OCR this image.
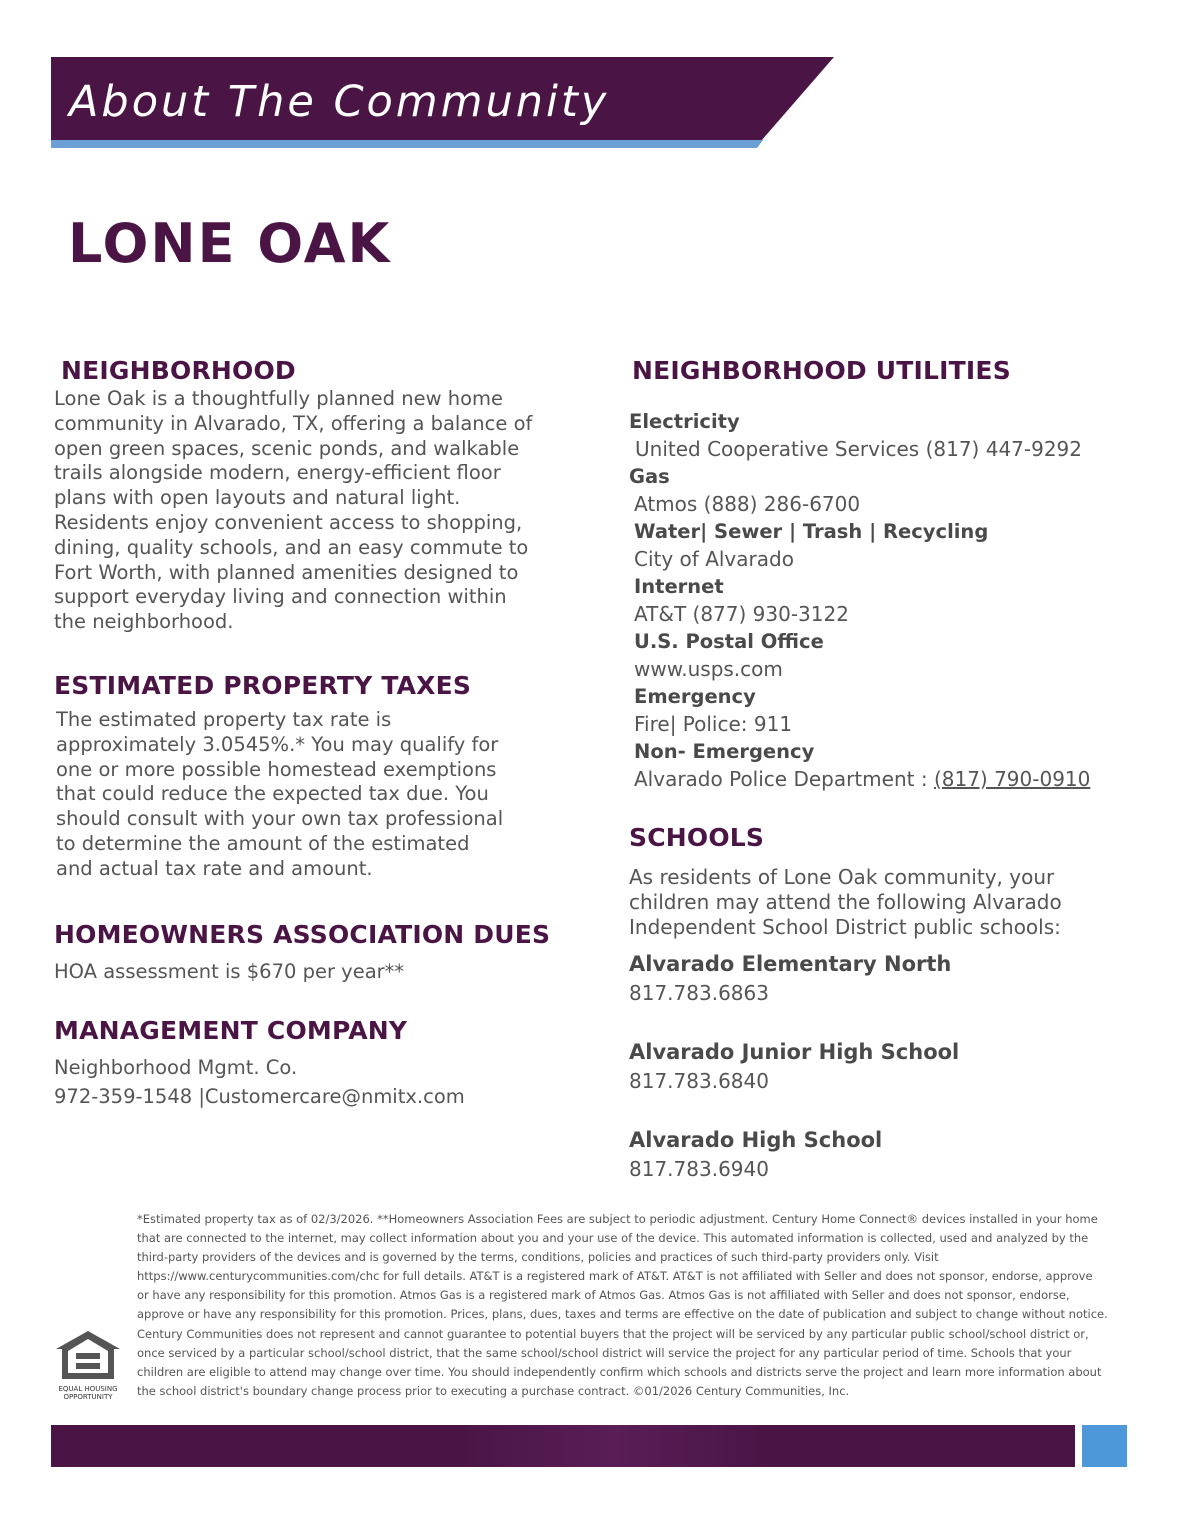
About The Community
LONE OAK
NEIGHBORHOOD
Lone Oak is a thoughtfully planned new home
community in Alvarado, TX, offering a balance of
open green spaces, scenic ponds, and walkable
trails alongside modern, energy-efficient floor
plans with open layouts and natural light.
Residents enjoy convenient access to shopping,
dining, quality schools, and an easy commute to
Fort Worth, with planned amenities designed to
support everyday living and connection within
the neighborhood.
ESTIMATED PROPERTY TAXES
The estimated property tax rate is
approximately 3.0545%.* You may qualify for
one or more possible homestead exemptions
that could reduce the expected tax due. You
should consult with your own tax professional
to determine the amount of the estimated
and actual tax rate and amount.
HOMEOWNERS ASSOCIATION DUES
HOA assessment is $670 per year**
MANAGEMENT COMPANY
Neighborhood Mgmt. Co.
972-359-1548 |Customercare@nmitx.com
NEIGHBORHOOD UTILITIES
Electricity
United Cooperative Services (817) 447-9292
Gas
Atmos (888) 286-6700
Water| Sewer | Trash | Recycling
City of Alvarado
Internet
AT&T (877) 930-3122
U.S. Postal Office
www.usps.com
Emergency
Fire| Police: 911
Non- Emergency
Alvarado Police Department : (817) 790-0910
SCHOOLS
As residents of Lone Oak community, your
children may attend the following Alvarado
Independent School District public schools:
Alvarado Elementary North
817.783.6863
Alvarado Junior High School
817.783.6840
Alvarado High School
817.783.6940
*Estimated property tax as of 02/3/2026. **Homeowners Association Fees are subject to periodic adjustment. Century Home Connect® devices installed in your home
that are connected to the internet, may collect information about you and your use of the device. This automated information is collected, used and analyzed by the
third-party providers of the devices and is governed by the terms, conditions, policies and practices of such third-party providers only. Visit
https://www.centurycommunities.com/chc for full details. AT&T is a registered mark of AT&T. AT&T is not affiliated with Seller and does not sponsor, endorse, approve
or have any responsibility for this promotion. Atmos Gas is a registered mark of Atmos Gas. Atmos Gas is not affiliated with Seller and does not sponsor, endorse,
approve or have any responsibility for this promotion. Prices, plans, dues, taxes and terms are effective on the date of publication and subject to change without notice.
Century Communities does not represent and cannot guarantee to potential buyers that the project will be serviced by any particular public school/school district or,
once serviced by a particular school/school district, that the same school/school district will service the project for any particular period of time. Schools that your
children are eligible to attend may change over time. You should independently confirm which schools and districts serve the project and learn more information about
the school district's boundary change process prior to executing a purchase contract. ©01/2026 Century Communities, Inc.
EQUAL HOUSING
OPPORTUNITY
